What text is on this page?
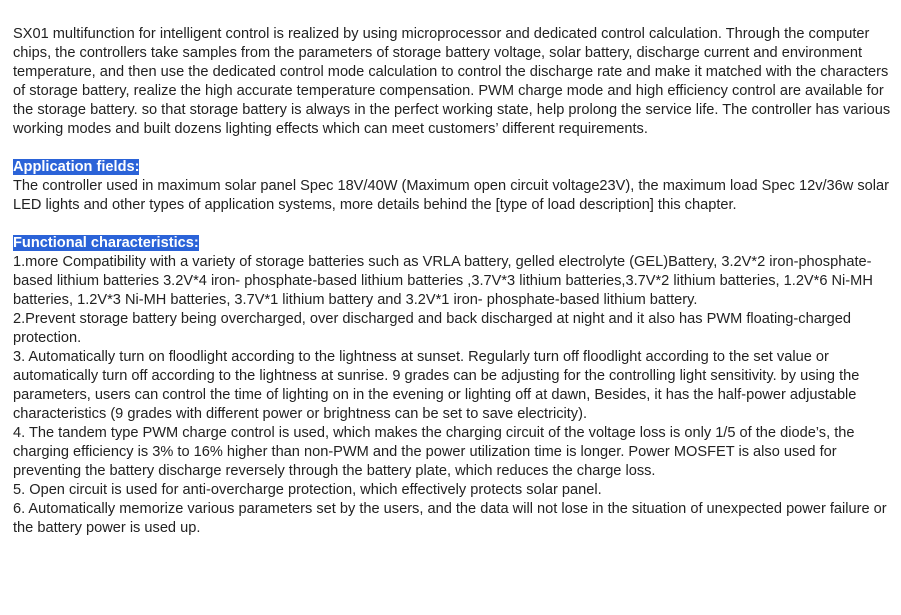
SX01 multifunction for intelligent control is realized by using microprocessor and dedicated control calculation. Through the computer chips, the controllers take samples from the parameters of storage battery voltage, solar battery, discharge current and environment temperature, and then use the dedicated control mode calculation to control the discharge rate and make it matched with the characters of storage battery, realize the high accurate temperature compensation. PWM charge mode and high efficiency control are available for the storage battery. so that storage battery is always in the perfect working state, help prolong the service life. The controller has various working modes and built dozens lighting effects which can meet customers’ different requirements.

Application fields:

The controller used in maximum solar panel Spec 18V/40W (Maximum open circuit voltage23V), the maximum load Spec 12v/36w solar LED lights and other types of application systems, more details behind the [type of load description] this chapter.

Functional characteristics:

1.more Compatibility with a variety of storage batteries such as VRLA battery, gelled electrolyte (GEL)Battery, 3.2V*2 iron-phosphate-based lithium batteries 3.2V*4 iron- phosphate-based lithium batteries ,3.7V*3 lithium batteries,3.7V*2 lithium batteries, 1.2V*6 Ni-MH batteries, 1.2V*3 Ni-MH batteries, 3.7V*1 lithium battery and 3.2V*1 iron- phosphate-based lithium battery.

2.Prevent storage battery being overcharged, over discharged and back discharged at night and it also has PWM floating-charged protection.

3. Automatically turn on floodlight according to the lightness at sunset. Regularly turn off floodlight according to the set value or automatically turn off according to the lightness at sunrise. 9 grades can be adjusting for the controlling light sensitivity. by using the parameters, users can control the time of lighting on in the evening or lighting off at dawn, Besides, it has the half-power adjustable characteristics (9 grades with different power or brightness can be set to save electricity).

4. The tandem type PWM charge control is used, which makes the charging circuit of the voltage loss is only 1/5 of the diode’s, the charging efficiency is 3% to 16% higher than non-PWM and the power utilization time is longer. Power MOSFET is also used for preventing the battery discharge reversely through the battery plate, which reduces the charge loss.

5. Open circuit is used for anti-overcharge protection, which effectively protects solar panel.

6. Automatically memorize various parameters set by the users, and the data will not lose in the situation of unexpected power failure or the battery power is used up.
